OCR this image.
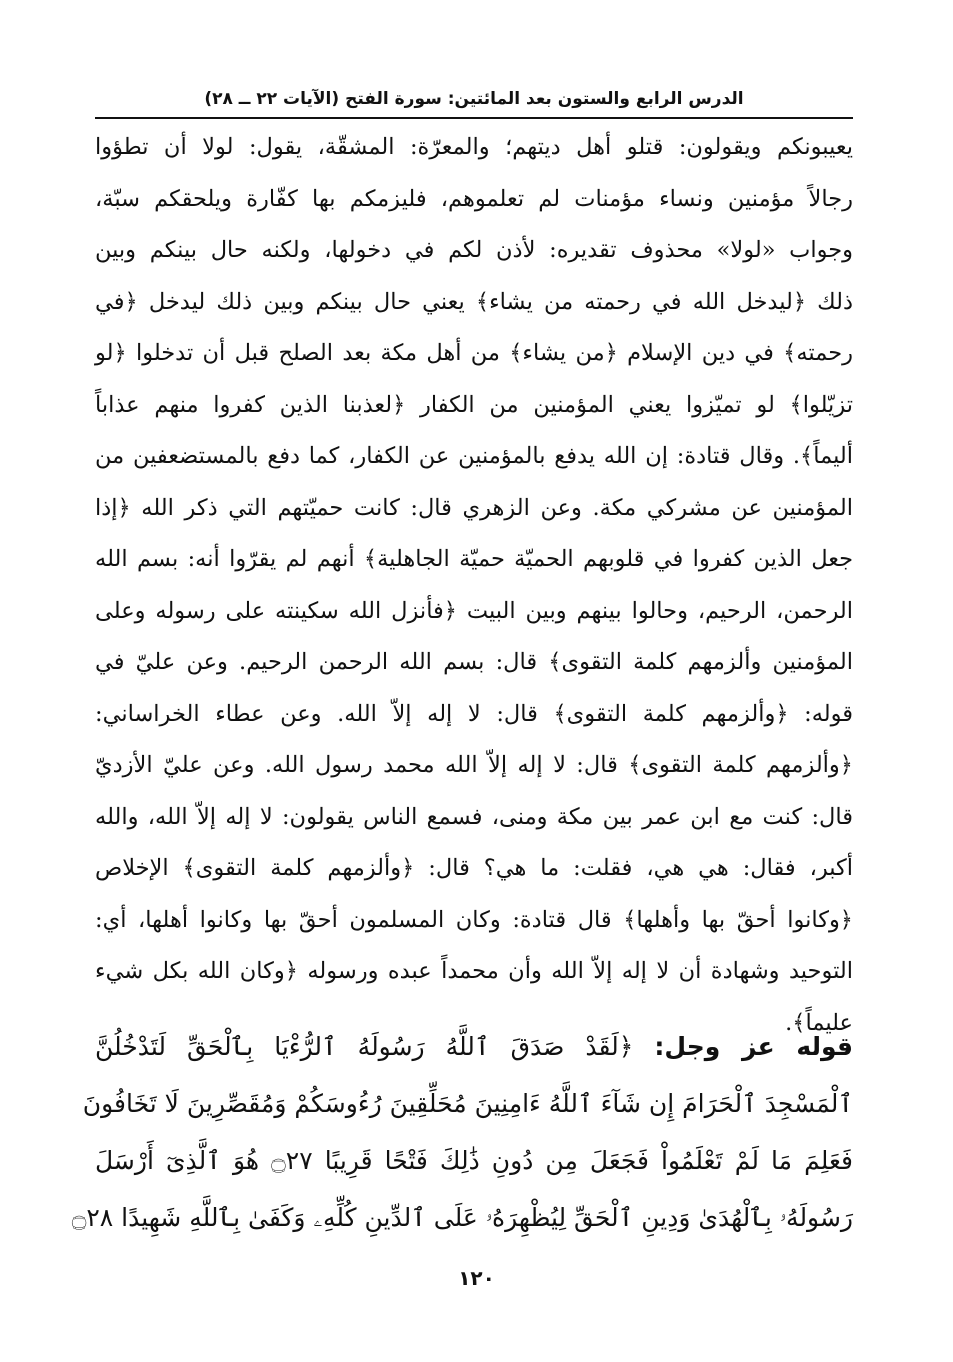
الدرس الرابع والستون بعد المائتين: سورة الفتح (الآيات ٢٢ ــ ٢٨)
يعيبونكم ويقولون: قتلو أهل ديتهم؛ والمعرّة: المشقّة، يقول: لولا أن تطؤوا
رجالاً مؤمنين ونساء مؤمنات لم تعلموهم، فليزمكم بها كفّارة ويلحقكم سبّة،
وجواب «لولا» محذوف تقديره: لأذن لكم في دخولها، ولكنه حال بينكم وبين
ذلك ﴿ليدخل الله في رحمته من يشاء﴾ يعني حال بينكم وبين ذلك ليدخل ﴿في
رحمته﴾ في دين الإسلام ﴿من يشاء﴾ من أهل مكة بعد الصلح قبل أن تدخلوا ﴿لو
تزيّلوا﴾ لو تميّزوا يعني المؤمنين من الكفار ﴿لعذبنا الذين كفروا منهم عذاباً
أليماً﴾. وقال قتادة: إن الله يدفع بالمؤمنين عن الكفار، كما دفع بالمستضعفين من
المؤمنين عن مشركي مكة. وعن الزهري قال: كانت حميّتهم التي ذكر الله ﴿إذا
جعل الذين كفروا في قلوبهم الحميّة حميّة الجاهلية﴾ أنهم لم يقرّوا أنه: بسم الله
الرحمن، الرحيم، وحالوا بينهم وبين البيت ﴿فأنزل الله سكينته على رسوله وعلى
المؤمنين وألزمهم كلمة التقوى﴾ قال: بسم الله الرحمن الرحيم. وعن عليّ في
قوله: ﴿وألزمهم كلمة التقوى﴾ قال: لا إله إلاّ الله. وعن عطاء الخراساني:
﴿وألزمهم كلمة التقوى﴾ قال: لا إله إلاّ الله محمد رسول الله. وعن عليّ الأزديّ
قال: كنت مع ابن عمر بين مكة ومنى، فسمع الناس يقولون: لا إله إلاّ الله، والله
أكبر، فقال: هي هي، فقلت: ما هي؟ قال: ﴿وألزمهم كلمة التقوى﴾ الإخلاص
﴿وكانوا أحقّ بها وأهلها﴾ قال قتادة: وكان المسلمون أحقّ بها وكانوا أهلها، أي:
التوحيد وشهادة أن لا إله إلاّ الله وأن محمداً عبده ورسوله ﴿وكان الله بكل شيء
عليماً﴾.
قوله عز وجل: ﴿لَقَدْ صَدَقَ ٱللَّهُ رَسُولَهُ ٱلرُّءْيَا بِٱلْحَقِّ لَتَدْخُلُنَّ
ٱلْمَسْجِدَ ٱلْحَرَامَ إِن شَآءَ ٱللَّهُ ءَامِنِينَ مُحَلِّقِينَ رُءُوسَكُمْ وَمُقَصِّرِينَ لَا تَخَافُونَ
فَعَلِمَ مَا لَمْ تَعْلَمُواْ فَجَعَلَ مِن دُونِ ذَٰلِكَ فَتْحًا قَرِيبًا ۝٢٧ هُوَ ٱلَّذِىٓ أَرْسَلَ
رَسُولَهُۥ بِٱلْهُدَىٰ وَدِينِ ٱلْحَقِّ لِيُظْهِرَهُۥ عَلَى ٱلدِّينِ كُلِّهِۦ وَكَفَىٰ بِٱللَّهِ شَهِيدًا ۝٢٨
١٢٠
